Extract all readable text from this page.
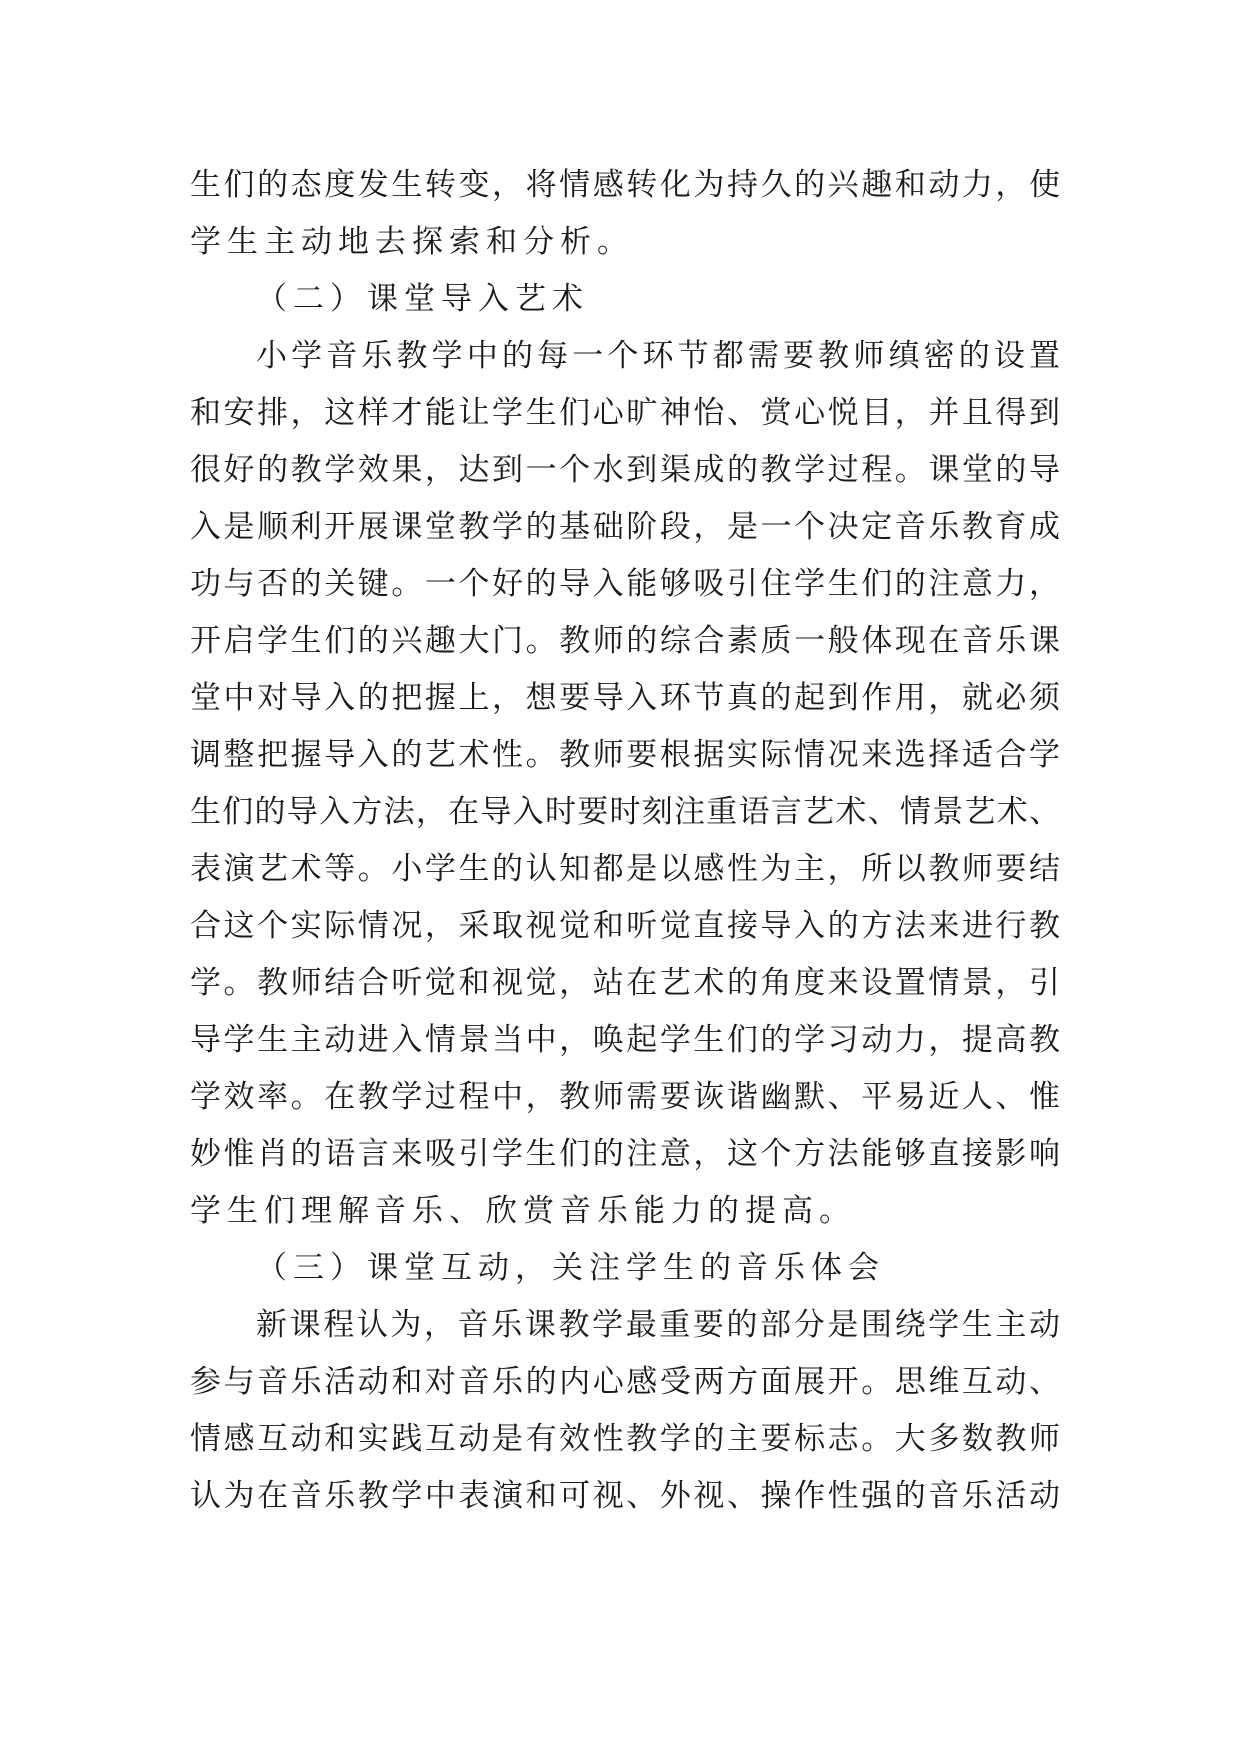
生们的态度发生转变，将情感转化为持久的兴趣和动力，使
学生主动地去探索和分析。
（二）课堂导入艺术
小学音乐教学中的每一个环节都需要教师缜密的设置
和安排，这样才能让学生们心旷神怡、赏心悦目，并且得到
很好的教学效果，达到一个水到渠成的教学过程。课堂的导
入是顺利开展课堂教学的基础阶段，是一个决定音乐教育成
功与否的关键。一个好的导入能够吸引住学生们的注意力，
开启学生们的兴趣大门。教师的综合素质一般体现在音乐课
堂中对导入的把握上，想要导入环节真的起到作用，就必须
调整把握导入的艺术性。教师要根据实际情况来选择适合学
生们的导入方法，在导入时要时刻注重语言艺术、情景艺术、
表演艺术等。小学生的认知都是以感性为主，所以教师要结
合这个实际情况，采取视觉和听觉直接导入的方法来进行教
学。教师结合听觉和视觉，站在艺术的角度来设置情景，引
导学生主动进入情景当中，唤起学生们的学习动力，提高教
学效率。在教学过程中，教师需要诙谐幽默、平易近人、惟
妙惟肖的语言来吸引学生们的注意，这个方法能够直接影响
学生们理解音乐、欣赏音乐能力的提高。
（三）课堂互动，关注学生的音乐体会
新课程认为，音乐课教学最重要的部分是围绕学生主动
参与音乐活动和对音乐的内心感受两方面展开。思维互动、
情感互动和实践互动是有效性教学的主要标志。大多数教师
认为在音乐教学中表演和可视、外视、操作性强的音乐活动
